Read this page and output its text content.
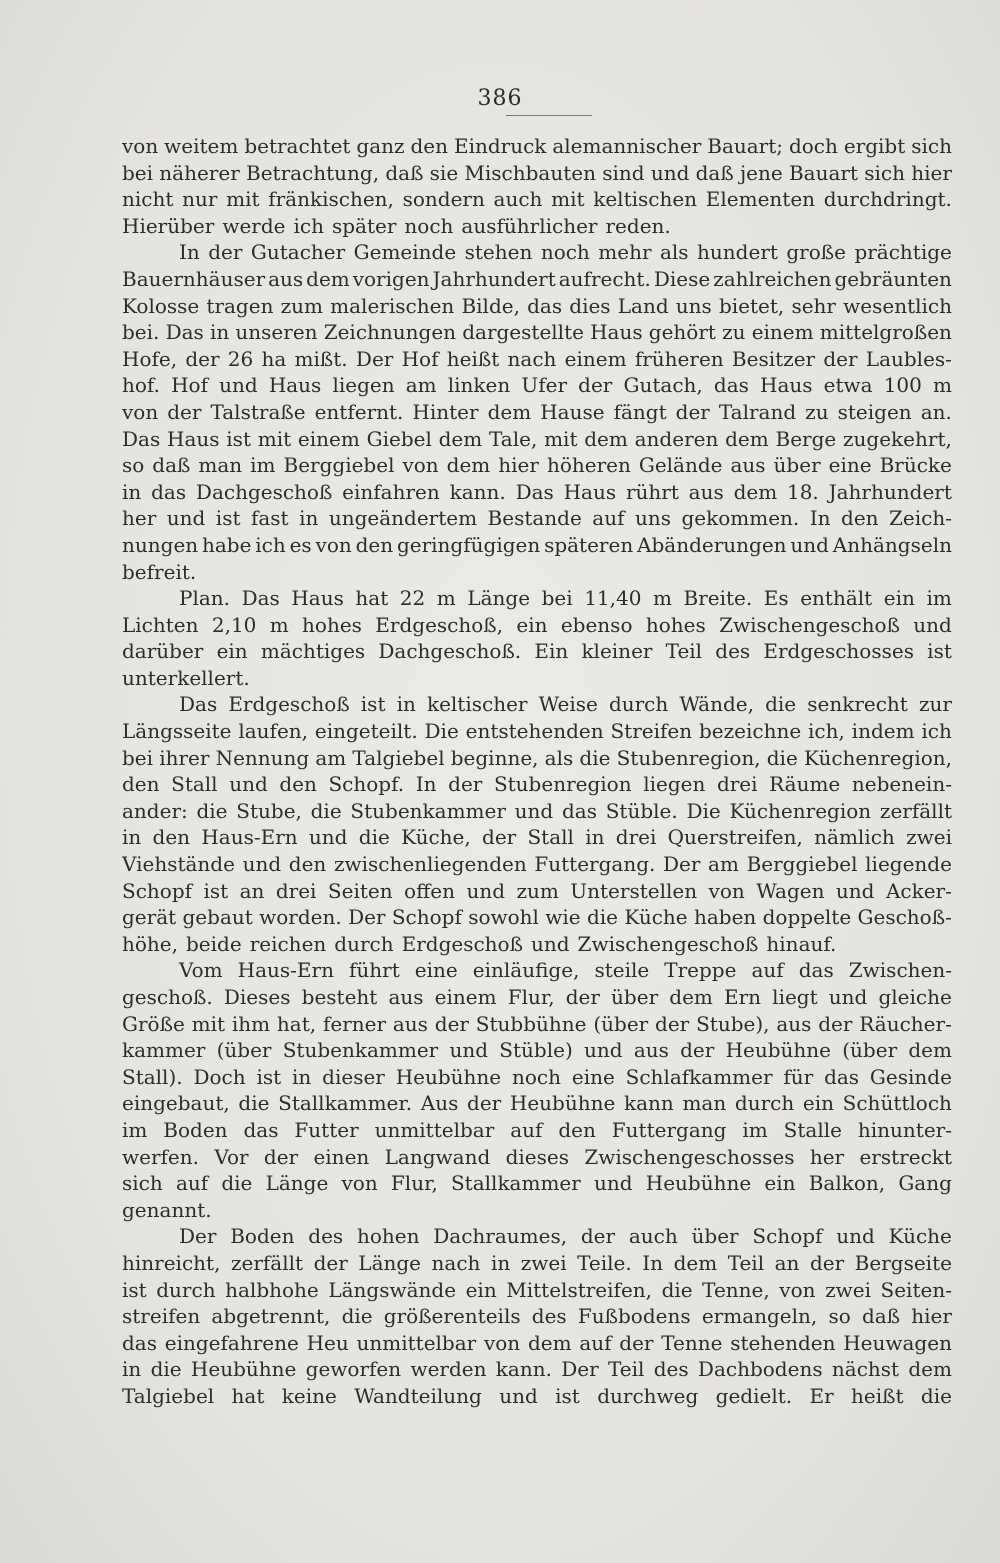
386
von weitem betrachtet ganz den Eindruck alemannischer Bauart; doch ergibt sich
bei näherer Betrachtung, daß sie Mischbauten sind und daß jene Bauart sich hier
nicht nur mit fränkischen, sondern auch mit keltischen Elementen durchdringt.
Hierüber werde ich später noch ausführlicher reden.
In der Gutacher Gemeinde stehen noch mehr als hundert große prächtige
Bauernhäuser aus dem vorigen Jahrhundert aufrecht. Diese zahlreichen gebräunten
Kolosse tragen zum malerischen Bilde, das dies Land uns bietet, sehr wesentlich
bei. Das in unseren Zeichnungen dargestellte Haus gehört zu einem mittelgroßen
Hofe, der 26 ha mißt. Der Hof heißt nach einem früheren Besitzer der Laubles-
hof. Hof und Haus liegen am linken Ufer der Gutach, das Haus etwa 100 m
von der Talstraße entfernt. Hinter dem Hause fängt der Talrand zu steigen an.
Das Haus ist mit einem Giebel dem Tale, mit dem anderen dem Berge zugekehrt,
so daß man im Berggiebel von dem hier höheren Gelände aus über eine Brücke
in das Dachgeschoß einfahren kann. Das Haus rührt aus dem 18. Jahrhundert
her und ist fast in ungeändertem Bestande auf uns gekommen. In den Zeich-
nungen habe ich es von den geringfügigen späteren Abänderungen und Anhängseln
befreit.
Plan. Das Haus hat 22 m Länge bei 11,40 m Breite. Es enthält ein im
Lichten 2,10 m hohes Erdgeschoß, ein ebenso hohes Zwischengeschoß und
darüber ein mächtiges Dachgeschoß. Ein kleiner Teil des Erdgeschosses ist
unterkellert.
Das Erdgeschoß ist in keltischer Weise durch Wände, die senkrecht zur
Längsseite laufen, eingeteilt. Die entstehenden Streifen bezeichne ich, indem ich
bei ihrer Nennung am Talgiebel beginne, als die Stubenregion, die Küchenregion,
den Stall und den Schopf. In der Stubenregion liegen drei Räume nebenein-
ander: die Stube, die Stubenkammer und das Stüble. Die Küchenregion zerfällt
in den Haus-Ern und die Küche, der Stall in drei Querstreifen, nämlich zwei
Viehstände und den zwischenliegenden Futtergang. Der am Berggiebel liegende
Schopf ist an drei Seiten offen und zum Unterstellen von Wagen und Acker-
gerät gebaut worden. Der Schopf sowohl wie die Küche haben doppelte Geschoß-
höhe, beide reichen durch Erdgeschoß und Zwischengeschoß hinauf.
Vom Haus-Ern führt eine einläufige, steile Treppe auf das Zwischen-
geschoß. Dieses besteht aus einem Flur, der über dem Ern liegt und gleiche
Größe mit ihm hat, ferner aus der Stubbühne (über der Stube), aus der Räucher-
kammer (über Stubenkammer und Stüble) und aus der Heubühne (über dem
Stall). Doch ist in dieser Heubühne noch eine Schlafkammer für das Gesinde
eingebaut, die Stallkammer. Aus der Heubühne kann man durch ein Schüttloch
im Boden das Futter unmittelbar auf den Futtergang im Stalle hinunter-
werfen. Vor der einen Langwand dieses Zwischengeschosses her erstreckt
sich auf die Länge von Flur, Stallkammer und Heubühne ein Balkon, Gang
genannt.
Der Boden des hohen Dachraumes, der auch über Schopf und Küche
hinreicht, zerfällt der Länge nach in zwei Teile. In dem Teil an der Bergseite
ist durch halbhohe Längswände ein Mittelstreifen, die Tenne, von zwei Seiten-
streifen abgetrennt, die größerenteils des Fußbodens ermangeln, so daß hier
das eingefahrene Heu unmittelbar von dem auf der Tenne stehenden Heuwagen
in die Heubühne geworfen werden kann. Der Teil des Dachbodens nächst dem
Talgiebel hat keine Wandteilung und ist durchweg gedielt. Er heißt die
